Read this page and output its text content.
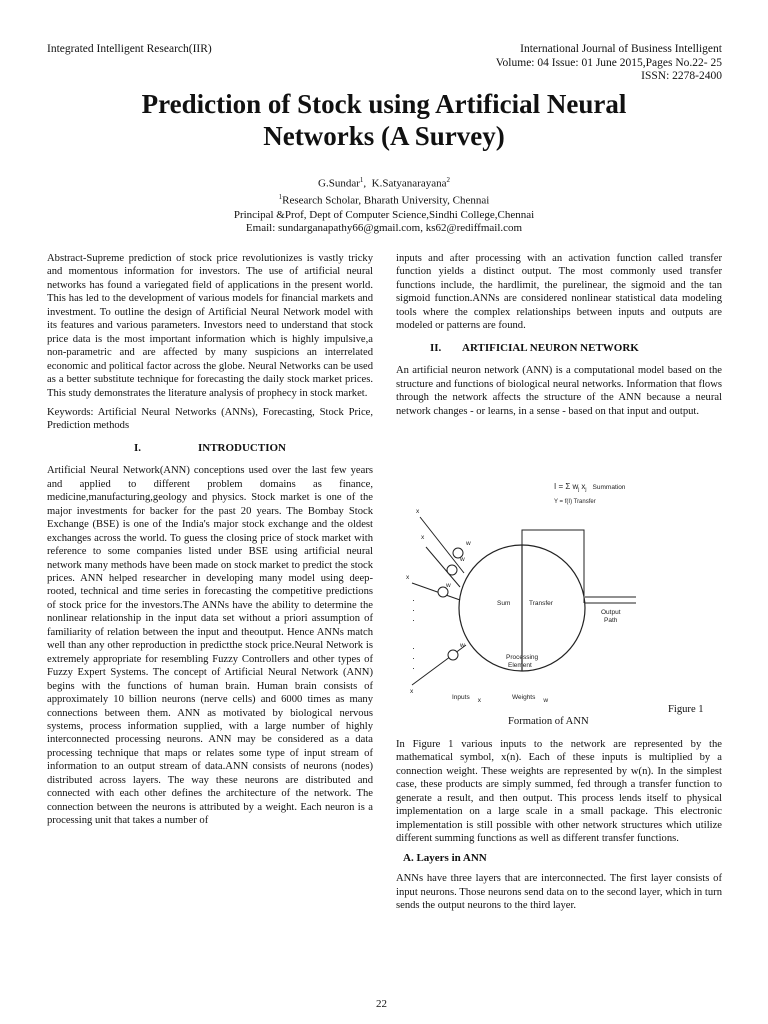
Integrated Intelligent Research(IIR)	International Journal of Business Intelligent
Volume: 04 Issue: 01 June 2015,Pages No.22- 25
ISSN: 2278-2400
Prediction of Stock using Artificial Neural
Networks (A Survey)
G.Sundar$^1$,  K.Satyanarayana$^2$
$^1$Research Scholar, Bharath University, Chennai
Principal &Prof, Dept of Computer Science,Sindhi College,Chennai
Email: sundarganapathy66@gmail.com, ks62@rediffmail.com

Abstract-Supreme prediction of stock price revolutionizes is vastly tricky and momentous information for investors. The use of artificial neural networks has found a variegated field of applications in the present world. This has led to the development of various models for financial markets and investment. To outline the design of Artificial Neural Network model with its features and various parameters. Investors need to understand that stock price data is the most important information which is highly impulsive,a non-parametric and are affected by many suspicions an interrelated economic and political factor across the globe. Neural Networks can be used as a better substitute technique for forecasting the daily stock market prices. This study demonstrates the literature analysis of prophecy in stock market.

Keywords: Artificial Neural Networks (ANNs), Forecasting, Stock Price, Prediction methods

I.	INTRODUCTION

Artificial Neural Network(ANN) conceptions used over the last few years and applied to different problem domains as finance, medicine,manufacturing,geology and physics. Stock market is one of the major investments for backer for the past 20 years. The Bombay Stock Exchange (BSE) is one of the India's major stock exchange and the oldest exchanges across the world. To guess the closing price of stock market with reference to some companies listed under BSE using artificial neural network many methods have been made on stock market to predict the stock prices. ANN helped researcher in developing many model using deep-rooted, technical and time series in forecasting the competitive predictions of stock price for the investors.The ANNs have the ability to determine the nonlinear relationship in the input data set without a priori assumption of familiarity of relation between the input and theoutput. Hence ANNs match well than any other reproduction in predictthe stock price.Neural Network is extremely appropriate for resembling Fuzzy Controllers and other types of Fuzzy Expert Systems. The concept of Artificial Neural Network (ANN) begins with the functions of human brain. Human brain consists of approximately 10 billion neurons (nerve cells) and 6000 times as many connections between them. ANN as motivated by biological nervous systems, process information supplied, with a large number of highly interconnected processing neurons. ANN may be considered as a data processing technique that maps or relates some type of input stream of information to an output stream of data.ANN consists of neurons (nodes) distributed across layers. The way these neurons are distributed and connected with each other defines the architecture of the network. The connection between the neurons is attributed by a weight. Each neuron is a processing unit that takes a number of

inputs and after processing with an activation function called transfer function yields a distinct output. The most commonly used transfer functions include, the hardlimit, the purelinear, the sigmoid and the tan sigmoid function.ANNs are considered nonlinear statistical data modeling tools where the complex relationships between inputs and outputs are modeled or patterns are found.

II.	ARTIFICIAL NEURON NETWORK

An artificial neuron network (ANN) is a computational model based on the structure and functions of biological neural networks. Information that flows through the network affects the structure of the ANN because a neural network changes - or learns, in a sense - based on that input and output.

I = Σ $w_j$ $x_j$ $^{Summation}$
Y = f(I) Transfer
Sum	Transfer
Output Path
x
x
x
x
w
w
w
w
·
·
·
·
·
·
Processing Element
Inputs x	Weights w
Figure 1
Formation of ANN

In Figure 1 various inputs to the network are represented by the mathematical symbol, x(n). Each of these inputs is multiplied by a connection weight. These weights are represented by w(n). In the simplest case, these products are simply summed, fed through a transfer function to generate a result, and then output. This process lends itself to physical implementation on a large scale in a small package. This electronic implementation is still possible with other network structures which utilize different summing functions as well as different transfer functions.

A. Layers in ANN

ANNs have three layers that are interconnected. The first layer consists of input neurons. Those neurons send data on to the second layer, which in turn sends the output neurons to the third layer.

22
